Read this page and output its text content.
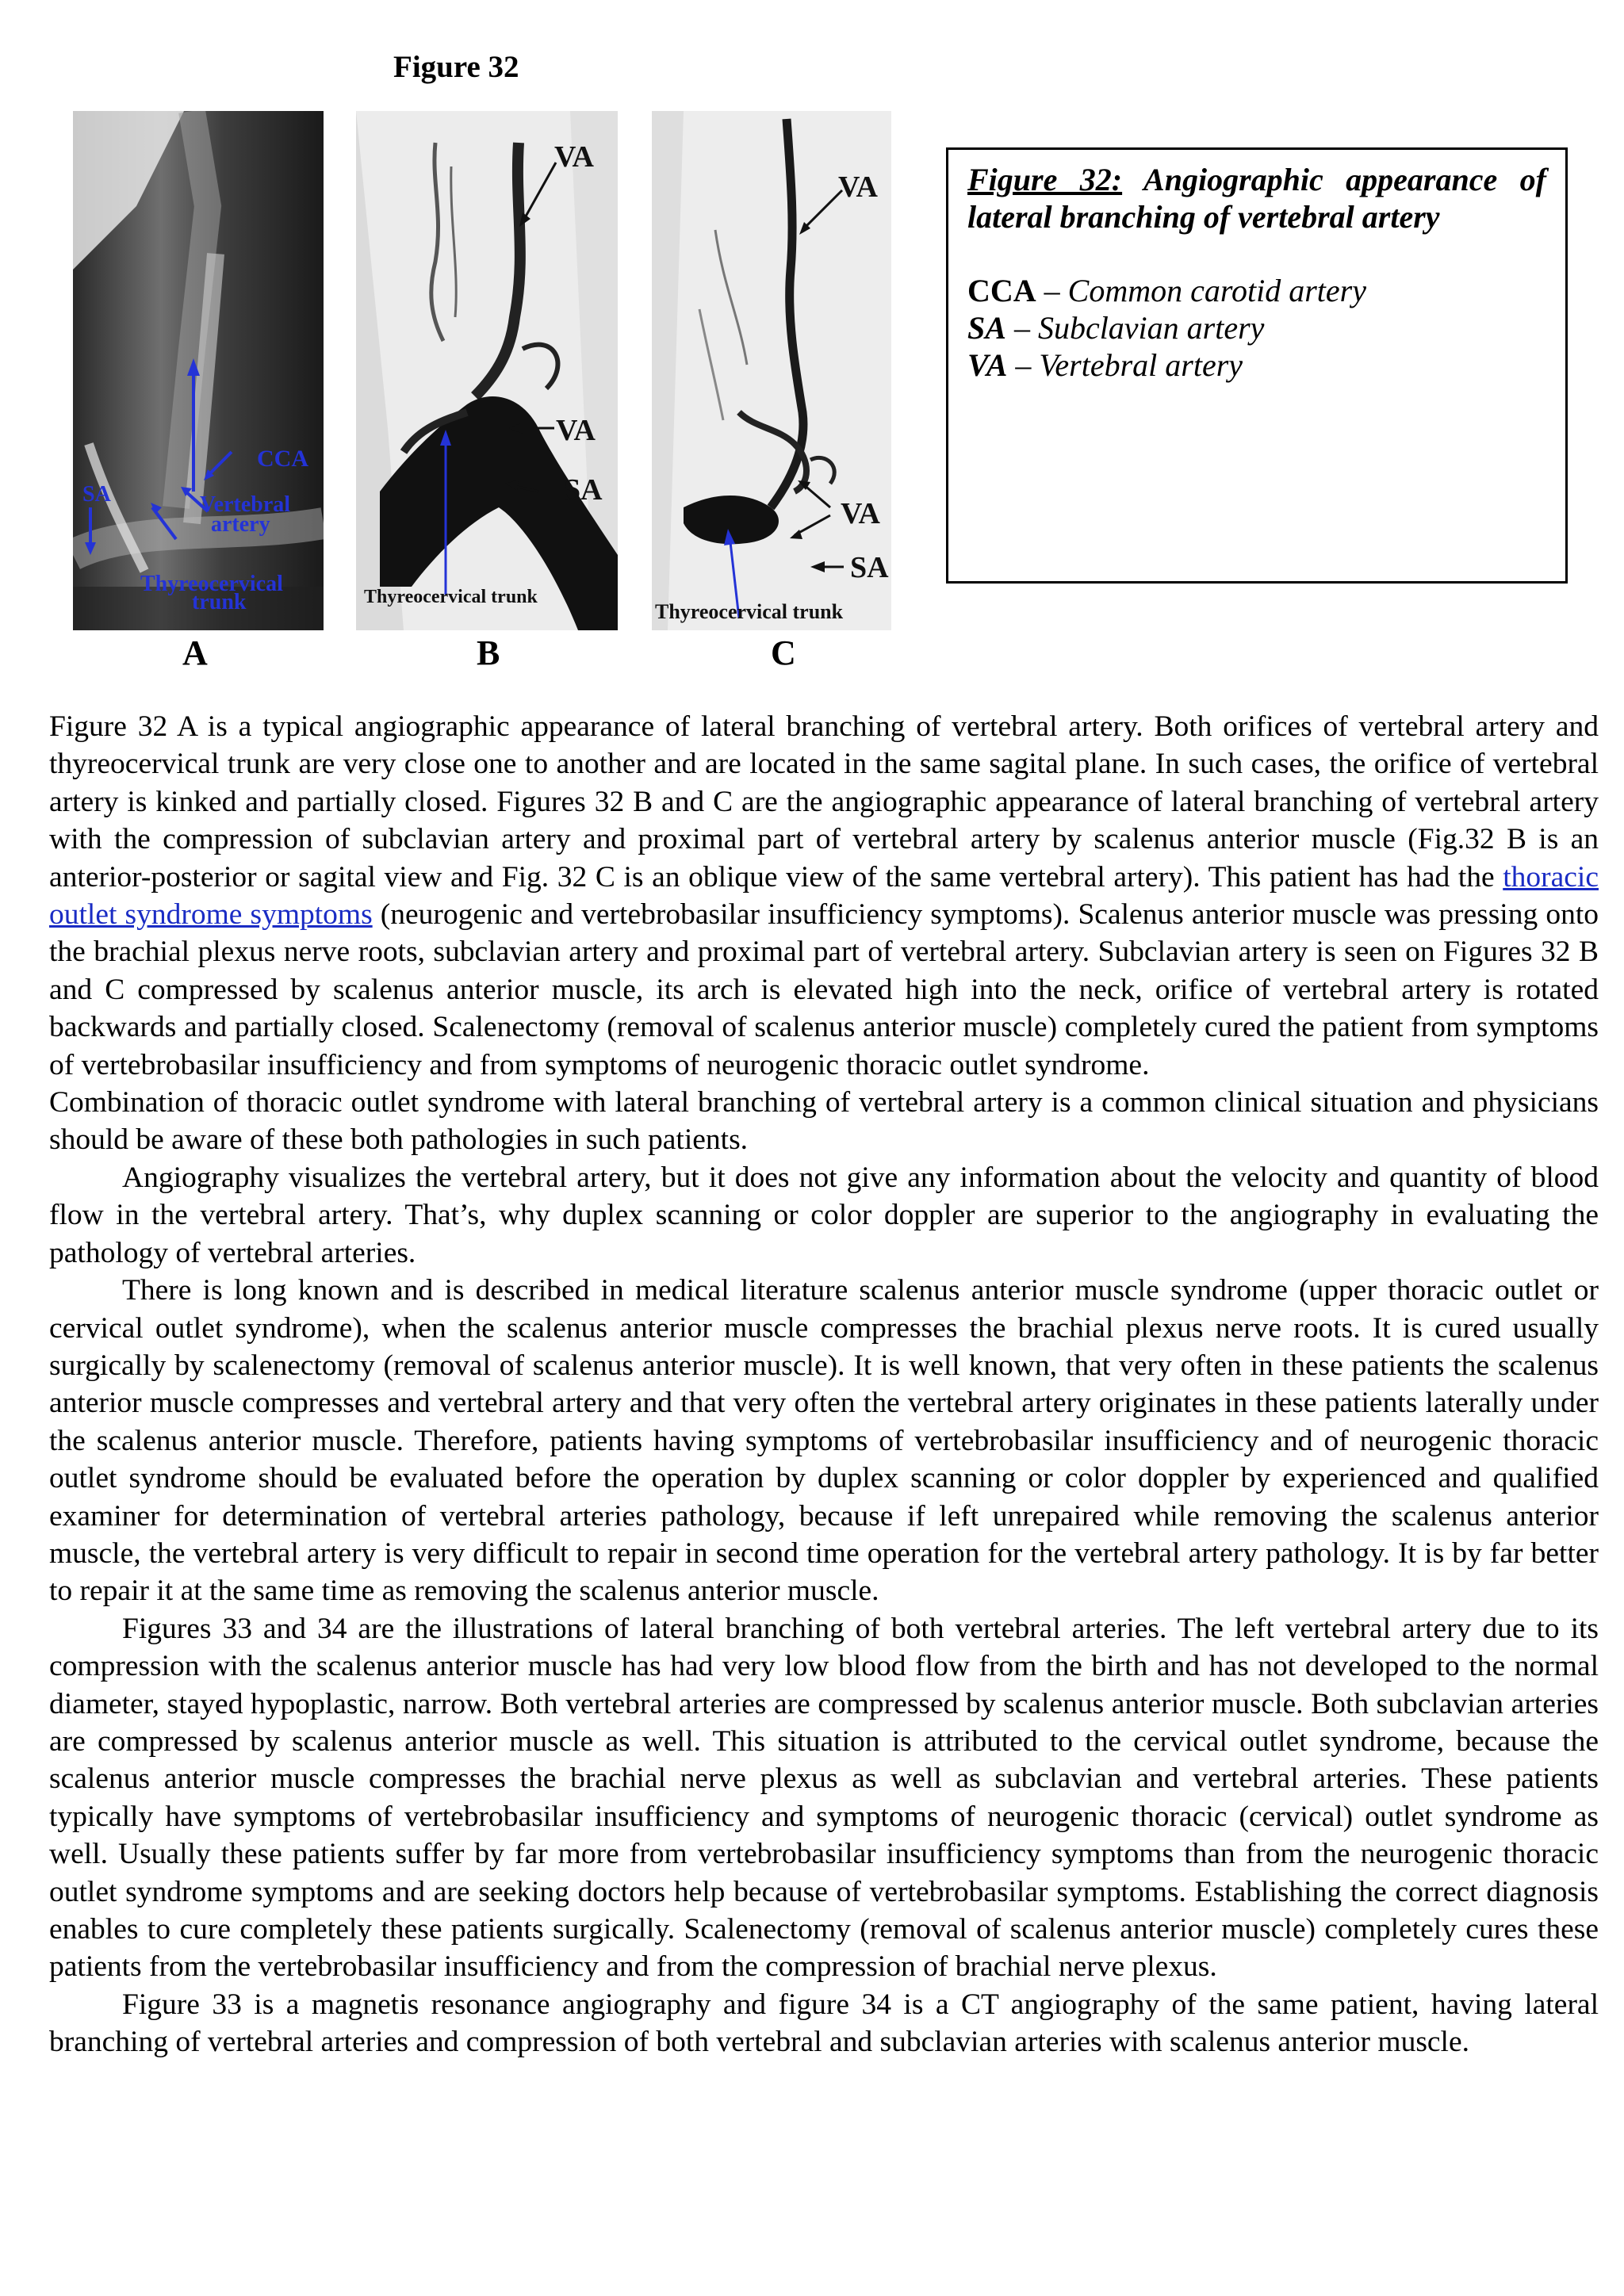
Figure 32
CCA
SA	Vertebral
artery
Thyreocervical
trunk
VA
VA
SA
Thyreocervical trunk
VA
VA
SA
Thyreocervical trunk
A	B	C
Figure 32: Angiographic appearance of lateral branching of vertebral artery
CCA – Common carotid artery
SA – Subclavian artery
VA – Vertebral artery

Figure 32 A is a typical angiographic appearance of lateral branching of vertebral artery. Both orifices of vertebral artery and thyreocervical trunk are very close one to another and are located in the same sagital plane. In such cases, the orifice of vertebral artery is kinked and partially closed. Figures 32 B and C are the angiographic appearance of lateral branching of vertebral artery with the compression of subclavian artery and proximal part of vertebral artery by scalenus anterior muscle (Fig.32 B is an anterior-posterior or sagital view and Fig. 32 C is an oblique view of the same vertebral artery). This patient has had the thoracic outlet syndrome symptoms (neurogenic and vertebrobasilar insufficiency symptoms). Scalenus anterior muscle was pressing onto the brachial plexus nerve roots, subclavian artery and proximal part of vertebral artery. Subclavian artery is seen on Figures 32 B and C compressed by scalenus anterior muscle, its arch is elevated high into the neck, orifice of vertebral artery is rotated backwards and partially closed. Scalenectomy (removal of scalenus anterior muscle) completely cured the patient from symptoms of vertebrobasilar insufficiency and from symptoms of neurogenic thoracic outlet syndrome.

Combination of thoracic outlet syndrome with lateral branching of vertebral artery is a common clinical situation and physicians should be aware of these both pathologies in such patients.

Angiography visualizes the vertebral artery, but it does not give any information about the velocity and quantity of blood flow in the vertebral artery. That’s, why duplex scanning or color doppler are superior to the angiography in evaluating the pathology of vertebral arteries.

There is long known and is described in medical literature scalenus anterior muscle syndrome (upper thoracic outlet or cervical outlet syndrome), when the scalenus anterior muscle compresses the brachial plexus nerve roots. It is cured usually surgically by scalenectomy (removal of scalenus anterior muscle). It is well known, that very often in these patients the scalenus anterior muscle compresses and vertebral artery and that very often the vertebral artery originates in these patients laterally under the scalenus anterior muscle. Therefore, patients having symptoms of vertebrobasilar insufficiency and of neurogenic thoracic outlet syndrome should be evaluated before the operation by duplex scanning or color doppler by experienced and qualified examiner for determination of vertebral arteries pathology, because if left unrepaired while removing the scalenus anterior muscle, the vertebral artery is very difficult to repair in second time operation for the vertebral artery pathology. It is by far better to repair it at the same time as removing the scalenus anterior muscle.

Figures 33 and 34 are the illustrations of lateral branching of both vertebral arteries. The left vertebral artery due to its compression with the scalenus anterior muscle has had very low blood flow from the birth and has not developed to the normal diameter, stayed hypoplastic, narrow. Both vertebral arteries are compressed by scalenus anterior muscle. Both subclavian arteries are compressed by scalenus anterior muscle as well. This situation is attributed to the cervical outlet syndrome, because the scalenus anterior muscle compresses the brachial nerve plexus as well as subclavian and vertebral arteries. These patients typically have symptoms of vertebrobasilar insufficiency and symptoms of neurogenic thoracic (cervical) outlet syndrome as well. Usually these patients suffer by far more from vertebrobasilar insufficiency symptoms than from the neurogenic thoracic outlet syndrome symptoms and are seeking doctors help because of vertebrobasilar symptoms. Establishing the correct diagnosis enables to cure completely these patients surgically. Scalenectomy (removal of scalenus anterior muscle) completely cures these patients from the vertebrobasilar insufficiency and from the compression of brachial nerve plexus.

Figure 33 is a magnetis resonance angiography and figure 34 is a CT angiography of the same patient, having lateral branching of vertebral arteries and compression of both vertebral and subclavian arteries with scalenus anterior muscle.
